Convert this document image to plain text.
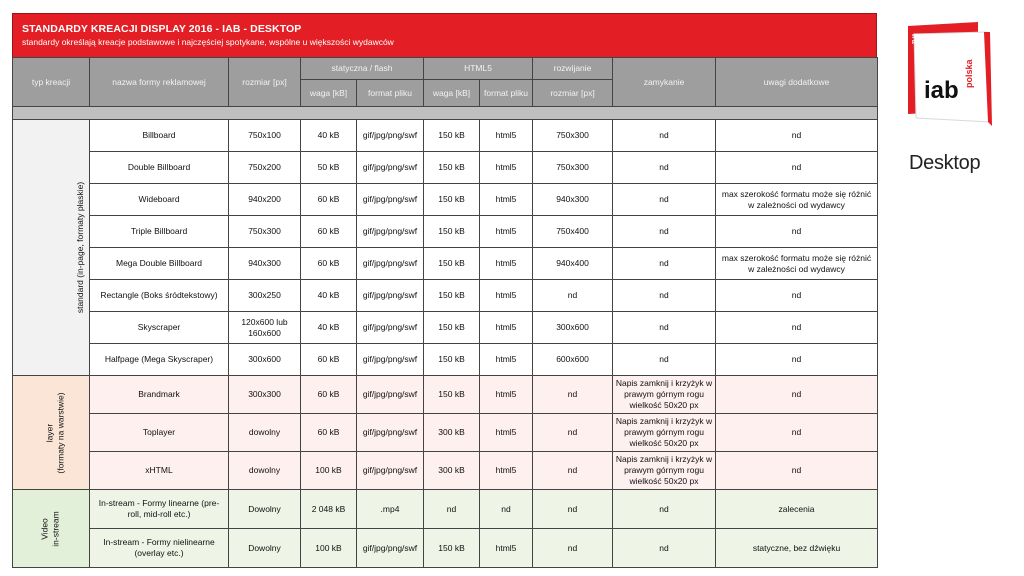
STANDARDY KREACJI DISPLAY 2016 - IAB - DESKTOP
standardy określają kreacje podstawowe i najczęściej spotykane, wspólne u większości wydawców
typ kreacji	nazwa formy reklamowej	rozmiar [px]	statyczna / flash		HTML5		rozwijanie	zamykanie	uwagi dodatkowe
			waga [kB]	format pliku	waga [kB]	format pliku	rozmiar [px]		

standard (in-page, formaty płaskie)	Billboard	750x100	40 kB	gif/jpg/png/swf	150 kB	html5	750x300	nd	nd
	Double Billboard	750x200	50 kB	gif/jpg/png/swf	150 kB	html5	750x300	nd	nd
	Wideboard	940x200	60 kB	gif/jpg/png/swf	150 kB	html5	940x300	nd	max szerokość formatu może się różnić w zależności od wydawcy
	Triple Billboard	750x300	60 kB	gif/jpg/png/swf	150 kB	html5	750x400	nd	nd
	Mega Double Billboard	940x300	60 kB	gif/jpg/png/swf	150 kB	html5	940x400	nd	max szerokość formatu może się różnić w zależności od wydawcy
	Rectangle (Boks śródtekstowy)	300x250	40 kB	gif/jpg/png/swf	150 kB	html5	nd	nd	nd
	Skyscraper	120x600 lub 160x600	40 kB	gif/jpg/png/swf	150 kB	html5	300x600	nd	nd
	Halfpage (Mega Skyscraper)	300x600	60 kB	gif/jpg/png/swf	150 kB	html5	600x600	nd	nd
layer
(formaty na warstwie)	Brandmark	300x300	60 kB	gif/jpg/png/swf	150 kB	html5	nd	Napis zamknij i krzyżyk w prawym górnym rogu wielkość 50x20 px	nd
	Toplayer	dowolny	60 kB	gif/jpg/png/swf	300 kB	html5	nd	Napis zamknij i krzyżyk w prawym górnym rogu wielkość 50x20 px	nd
	xHTML	dowolny	100 kB	gif/jpg/png/swf	300 kB	html5	nd	Napis zamknij i krzyżyk w prawym górnym rogu wielkość 50x20 px	nd
Video
in-stream	In-stream - Formy linearne (pre-roll, mid-roll etc.)	Dowolny	2 048 kB	.mp4	nd	nd	nd	nd	zalecenia
	In-stream - Formy nielinearne (overlay etc.)	Dowolny	100 kB	gif/jpg/png/swf	150 kB	html5	nd	nd	statyczne, bez dźwięku
STANDARD
REKLAMY
iab
polska
Desktop
